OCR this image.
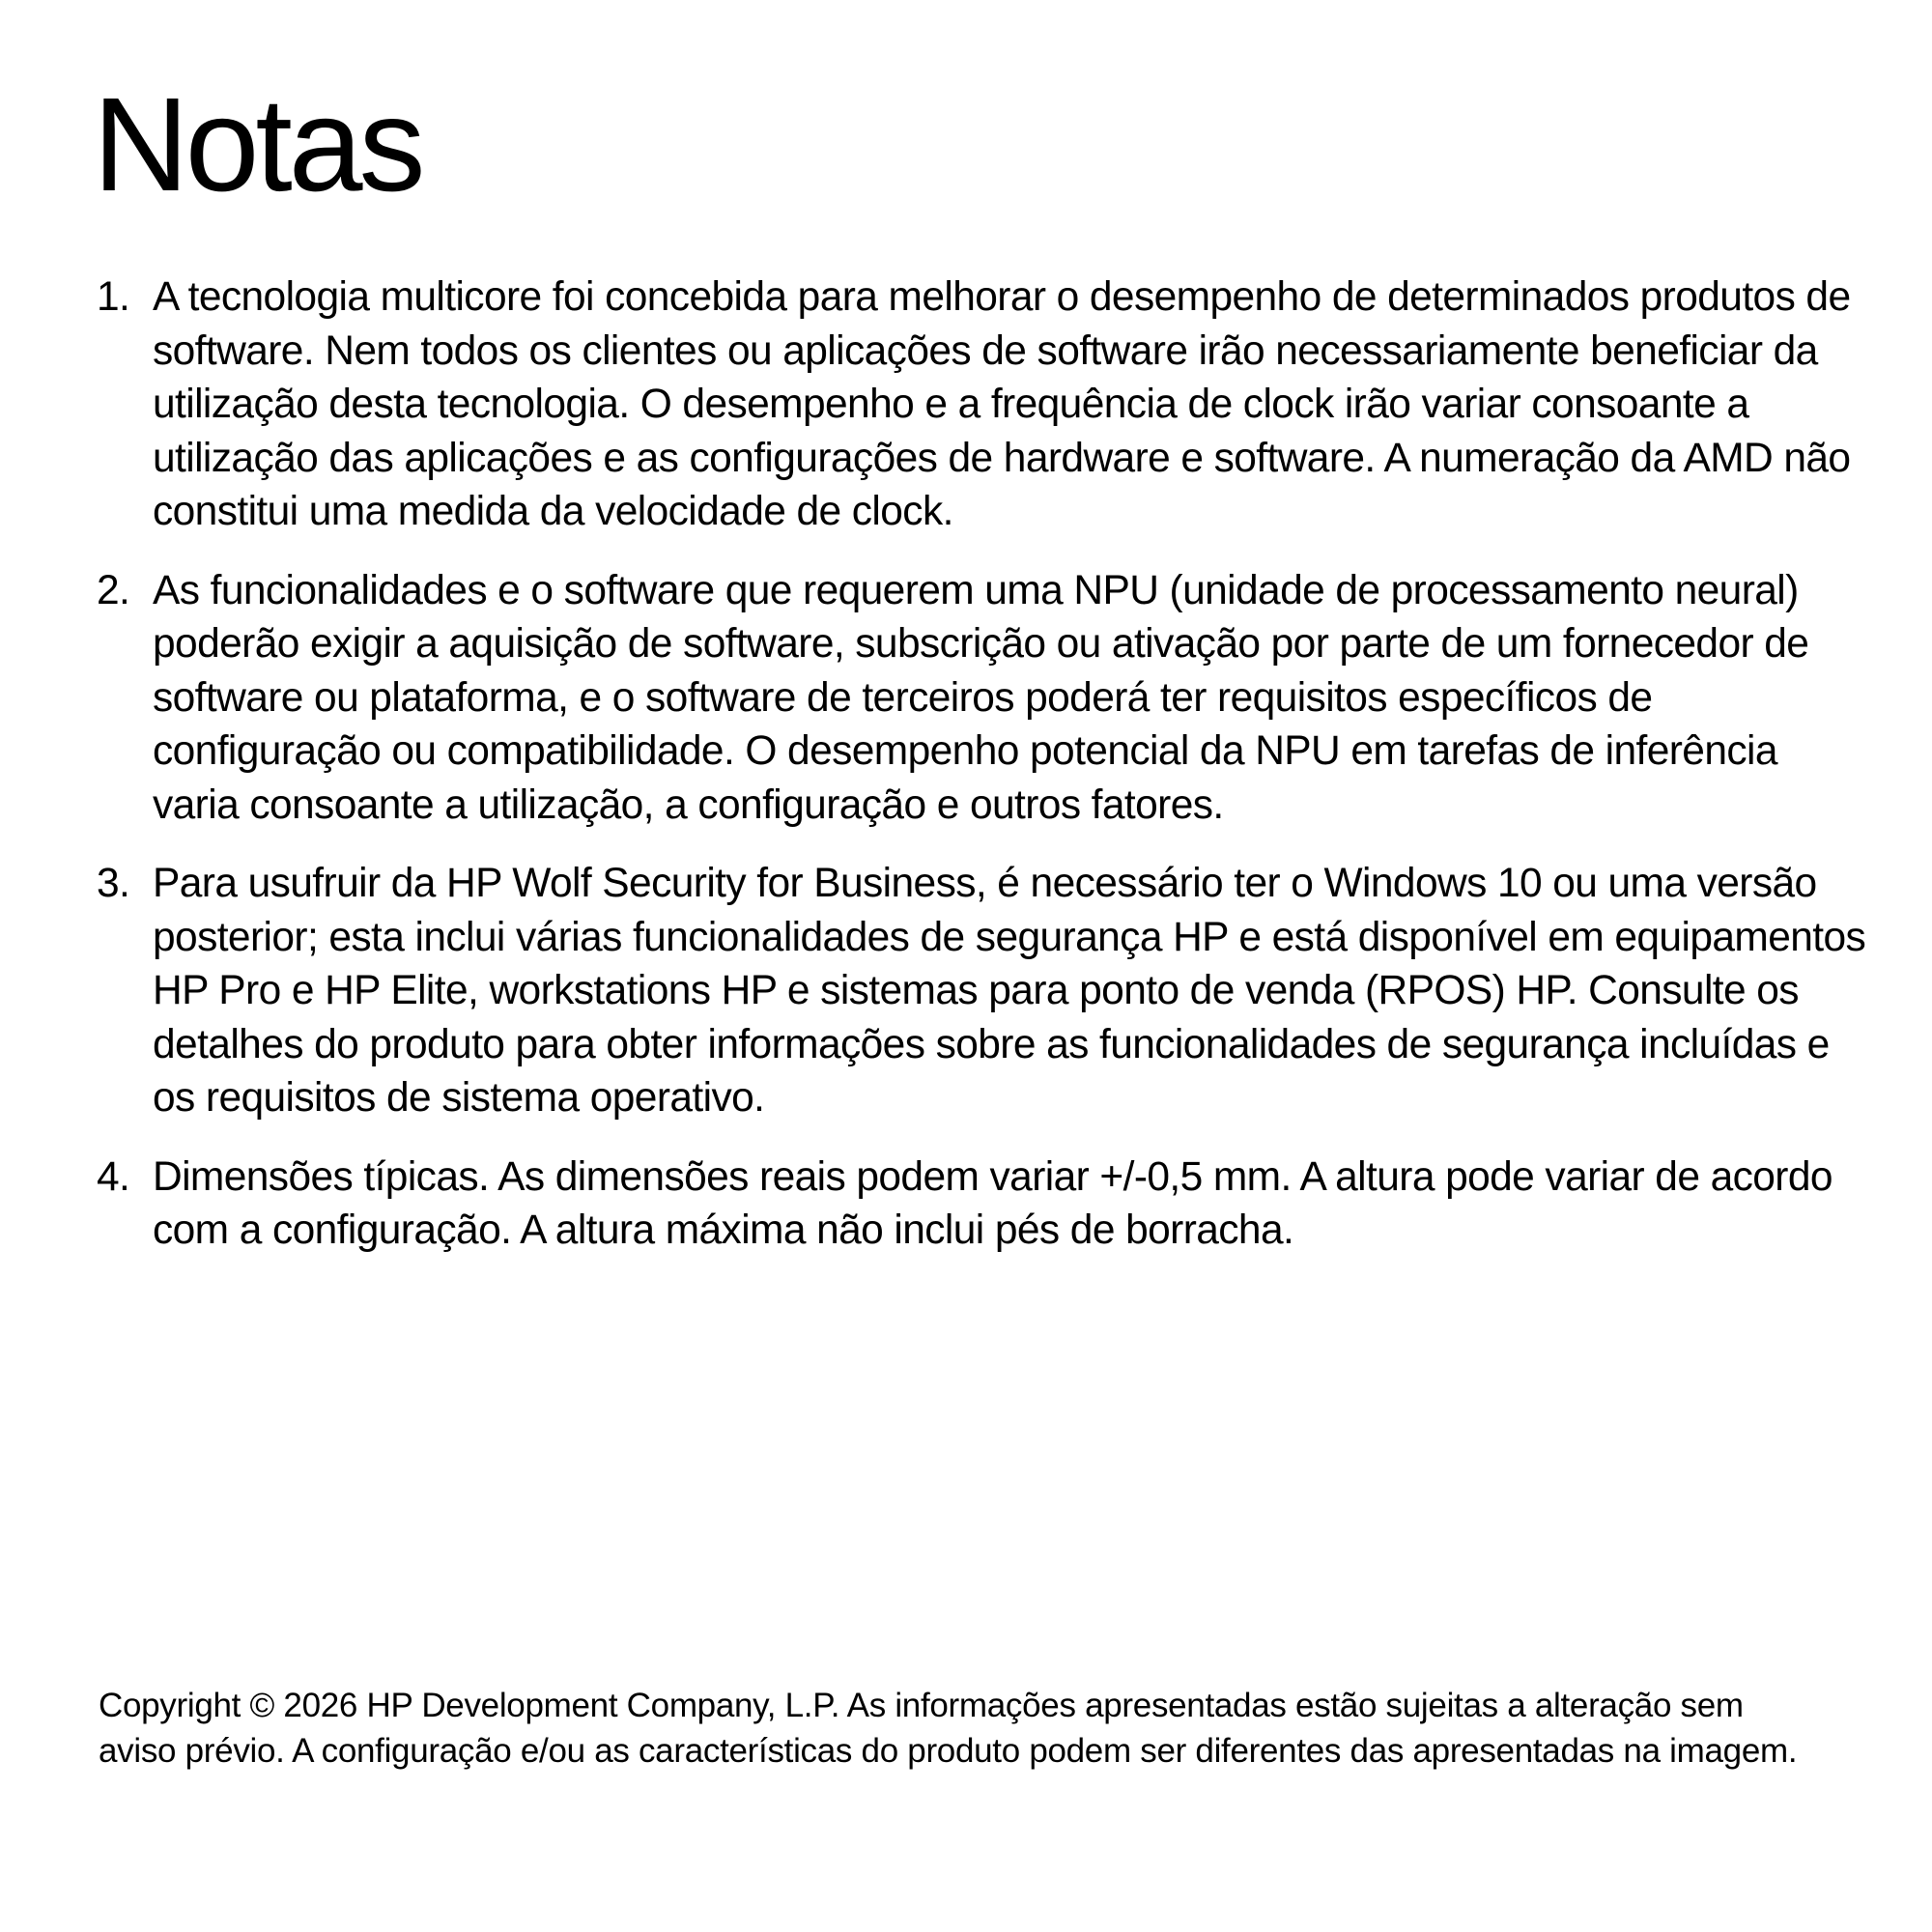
Notas
1. A tecnologia multicore foi concebida para melhorar o desempenho de determinados produtos de software. Nem todos os clientes ou aplicações de software irão necessariamente beneficiar da utilização desta tecnologia. O desempenho e a frequência de clock irão variar consoante a utilização das aplicações e as configurações de hardware e software. A numeração da AMD não constitui uma medida da velocidade de clock.
2. As funcionalidades e o software que requerem uma NPU (unidade de processamento neural) poderão exigir a aquisição de software, subscrição ou ativação por parte de um fornecedor de software ou plataforma, e o software de terceiros poderá ter requisitos específicos de configuração ou compatibilidade. O desempenho potencial da NPU em tarefas de inferência varia consoante a utilização, a configuração e outros fatores.
3. Para usufruir da HP Wolf Security for Business, é necessário ter o Windows 10 ou uma versão posterior; esta inclui várias funcionalidades de segurança HP e está disponível em equipamentos HP Pro e HP Elite, workstations HP e sistemas para ponto de venda (RPOS) HP. Consulte os detalhes do produto para obter informações sobre as funcionalidades de segurança incluídas e os requisitos de sistema operativo.
4. Dimensões típicas. As dimensões reais podem variar +/-0,5 mm. A altura pode variar de acordo com a configuração. A altura máxima não inclui pés de borracha.

Copyright © 2026 HP Development Company, L.P. As informações apresentadas estão sujeitas a alteração sem aviso prévio. A configuração e/ou as características do produto podem ser diferentes das apresentadas na imagem.
